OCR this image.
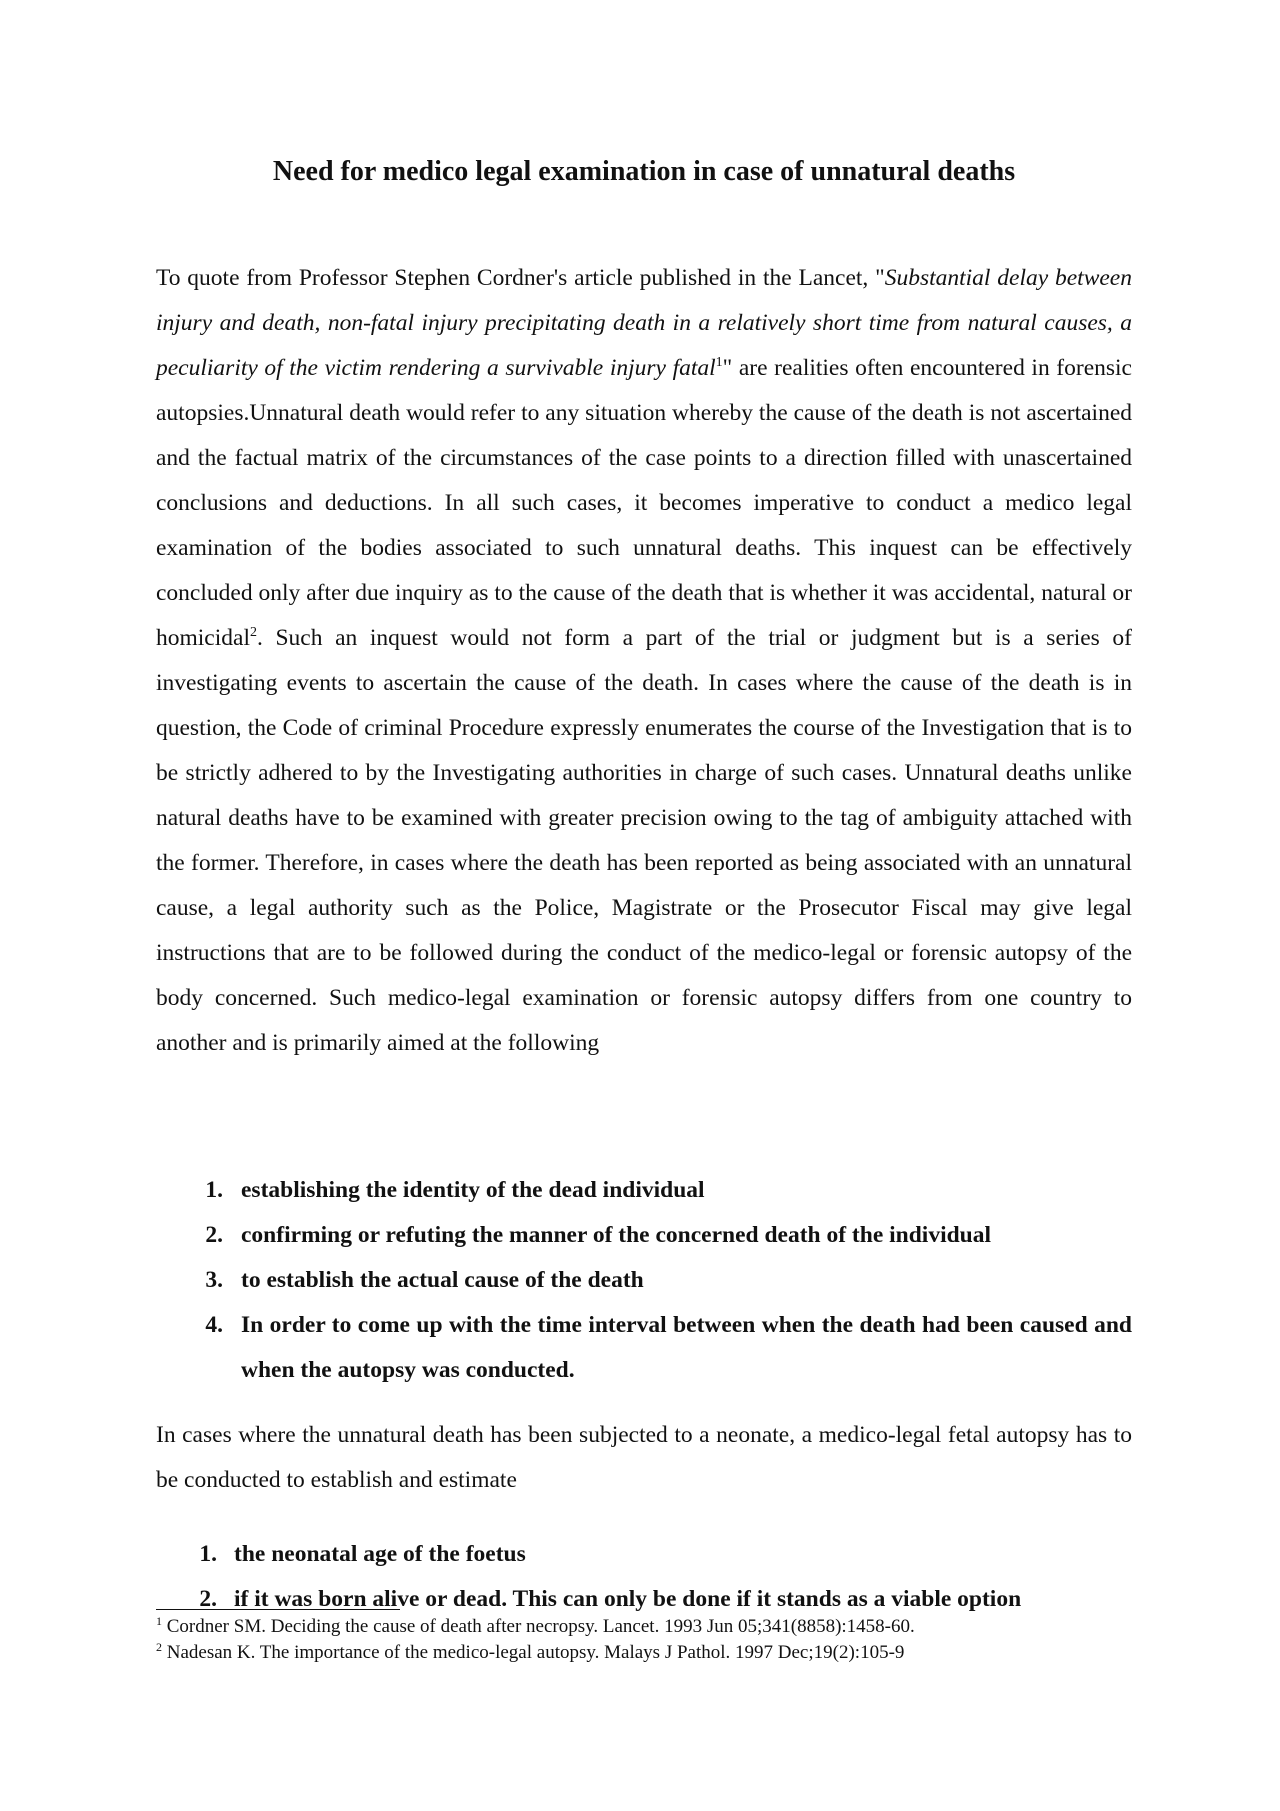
Need for medico legal examination in case of unnatural deaths

To quote from Professor Stephen Cordner's article published in the Lancet, "Substantial delay between injury and death, non-fatal injury precipitating death in a relatively short time from natural causes, a peculiarity of the victim rendering a survivable injury fatal$^1$" are realities often encountered in forensic autopsies.Unnatural death would refer to any situation whereby the cause of the death is not ascertained and the factual matrix of the circumstances of the case points to a direction filled with unascertained conclusions and deductions. In all such cases, it becomes imperative to conduct a medico legal examination of the bodies associated to such unnatural deaths. This inquest can be effectively concluded only after due inquiry as to the cause of the death that is whether it was accidental, natural or homicidal$^2$. Such an inquest would not form a part of the trial or judgment but is a series of investigating events to ascertain the cause of the death. In cases where the cause of the death is in question, the Code of criminal Procedure expressly enumerates the course of the Investigation that is to be strictly adhered to by the Investigating authorities in charge of such cases. Unnatural deaths unlike natural deaths have to be examined with greater precision owing to the tag of ambiguity attached with the former. Therefore, in cases where the death has been reported as being associated with an unnatural cause, a legal authority such as the Police, Magistrate or the Prosecutor Fiscal may give legal instructions that are to be followed during the conduct of the medico-legal or forensic autopsy of the body concerned. Such medico-legal examination or forensic autopsy differs from one country to another and is primarily aimed at the following

1. establishing the identity of the dead individual
2. confirming or refuting the manner of the concerned death of the individual
3. to establish the actual cause of the death
4. In order to come up with the time interval between when the death had been caused and when the autopsy was conducted.

In cases where the unnatural death has been subjected to a neonate, a medico-legal fetal autopsy has to be conducted to establish and estimate

1. the neonatal age of the foetus
2. if it was born alive or dead. This can only be done if it stands as a viable option
$^1$ Cordner SM. Deciding the cause of death after necropsy. Lancet. 1993 Jun 05;341(8858):1458-60.
$^2$ Nadesan K. The importance of the medico-legal autopsy. Malays J Pathol. 1997 Dec;19(2):105-9
